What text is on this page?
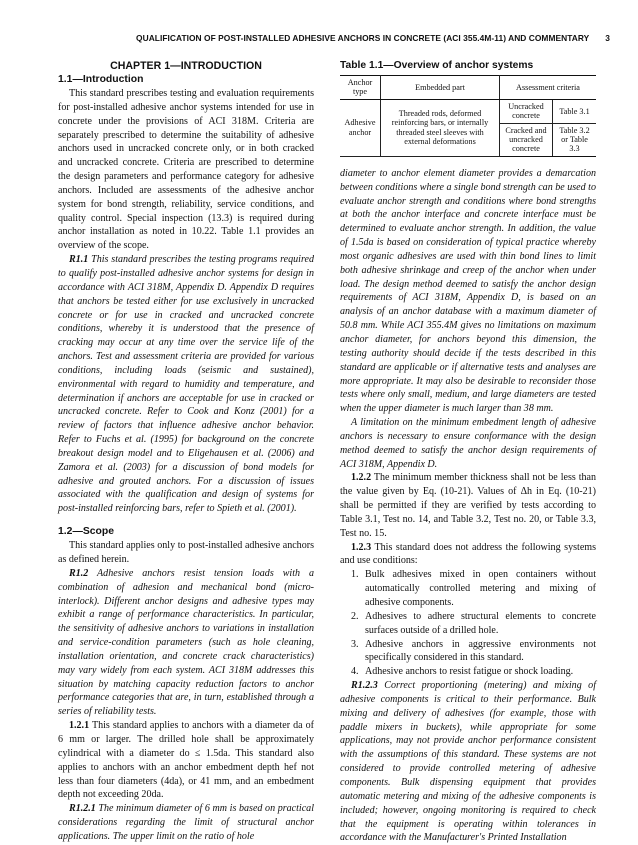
QUALIFICATION OF POST-INSTALLED ADHESIVE ANCHORS IN CONCRETE (ACI 355.4M-11) AND COMMENTARY 3
CHAPTER 1—INTRODUCTION
1.1—Introduction

This standard prescribes testing and evaluation requirements for post-installed adhesive anchor systems intended for use in concrete under the provisions of ACI 318M. Criteria are separately prescribed to determine the suitability of adhesive anchors used in uncracked concrete only, or in both cracked and uncracked concrete. Criteria are prescribed to determine the design parameters and performance category for adhesive anchors. Included are assessments of the adhesive anchor system for bond strength, reliability, service conditions, and quality control. Special inspection (13.3) is required during anchor installation as noted in 10.22. Table 1.1 provides an overview of the scope.

R1.1 This standard prescribes the testing programs required to qualify post-installed adhesive anchor systems for design in accordance with ACI 318M, Appendix D. Appendix D requires that anchors be tested either for use exclusively in uncracked concrete or for use in cracked and uncracked concrete conditions, whereby it is understood that the presence of cracking may occur at any time over the service life of the anchors. Test and assessment criteria are provided for various conditions, including loads (seismic and sustained), environmental with regard to humidity and temperature, and determination if anchors are acceptable for use in cracked or uncracked concrete. Refer to Cook and Konz (2001) for a review of factors that influence adhesive anchor behavior. Refer to Fuchs et al. (1995) for background on the concrete breakout design model and to Eligehausen et al. (2006) and Zamora et al. (2003) for a discussion of bond models for adhesive and grouted anchors. For a discussion of issues associated with the qualification and design of systems for post-installed reinforcing bars, refer to Spieth et al. (2001).

1.2—Scope

This standard applies only to post-installed adhesive anchors as defined herein.

R1.2 Adhesive anchors resist tension loads with a combination of adhesion and mechanical bond (micro-interlock). Different anchor designs and adhesive types may exhibit a range of performance characteristics. In particular, the sensitivity of adhesive anchors to variations in installation and service-condition parameters (such as hole cleaning, installation orientation, and concrete crack characteristics) may vary widely from each system. ACI 318M addresses this situation by matching capacity reduction factors to anchor performance categories that are, in turn, established through a series of reliability tests.

1.2.1 This standard applies to anchors with a diameter da of 6 mm or larger. The drilled hole shall be approximately cylindrical with a diameter do ≤ 1.5da. This standard also applies to anchors with an anchor embedment depth hef not less than four diameters (4da), or 41 mm, and an embedment depth not exceeding 20da.

R1.2.1 The minimum diameter of 6 mm is based on practical considerations regarding the limit of structural anchor applications. The upper limit on the ratio of hole

Table 1.1—Overview of anchor systems
Anchor type	Embedded part	Assessment criteria	
Adhesive anchor	Threaded rods, deformed reinforcing bars, or internally threaded steel sleeves with external deformations	Uncracked concrete	Table 3.1
		Cracked and uncracked concrete	Table 3.2 or Table 3.3

diameter to anchor element diameter provides a demarcation between conditions where a single bond strength can be used to evaluate anchor strength and conditions where bond strengths at both the anchor interface and concrete interface must be determined to evaluate anchor strength. In addition, the value of 1.5da is based on consideration of typical practice whereby most organic adhesives are used with thin bond lines to limit both adhesive shrinkage and creep of the anchor when under load. The design method deemed to satisfy the anchor design requirements of ACI 318M, Appendix D, is based on an analysis of an anchor database with a maximum diameter of 50.8 mm. While ACI 355.4M gives no limitations on maximum anchor diameter, for anchors beyond this dimension, the testing authority should decide if the tests described in this standard are applicable or if alternative tests and analyses are more appropriate. It may also be desirable to reconsider those tests where only small, medium, and large diameters are tested when the upper diameter is much larger than 38 mm.

A limitation on the minimum embedment length of adhesive anchors is necessary to ensure conformance with the design method deemed to satisfy the anchor design requirements of ACI 318M, Appendix D.

1.2.2 The minimum member thickness shall not be less than the value given by Eq. (10-21). Values of Δh in Eq. (10-21) shall be permitted if they are verified by tests according to Table 3.1, Test no. 14, and Table 3.2, Test no. 20, or Table 3.3, Test no. 15.

1.2.3 This standard does not address the following systems and use conditions:

1. Bulk adhesives mixed in open containers without automatically controlled metering and mixing of adhesive components.
2. Adhesives to adhere structural elements to concrete surfaces outside of a drilled hole.
3. Adhesive anchors in aggressive environments not specifically considered in this standard.
4. Adhesive anchors to resist fatigue or shock loading.

R1.2.3 Correct proportioning (metering) and mixing of adhesive components is critical to their performance. Bulk mixing and delivery of adhesives (for example, those with paddle mixers in buckets), while appropriate for some applications, may not provide anchor performance consistent with the assumptions of this standard. These systems are not considered to provide controlled metering of adhesive components. Bulk dispensing equipment that provides automatic metering and mixing of the adhesive components is included; however, ongoing monitoring is required to check that the equipment is operating within tolerances in accordance with the Manufacturer's Printed Installation
